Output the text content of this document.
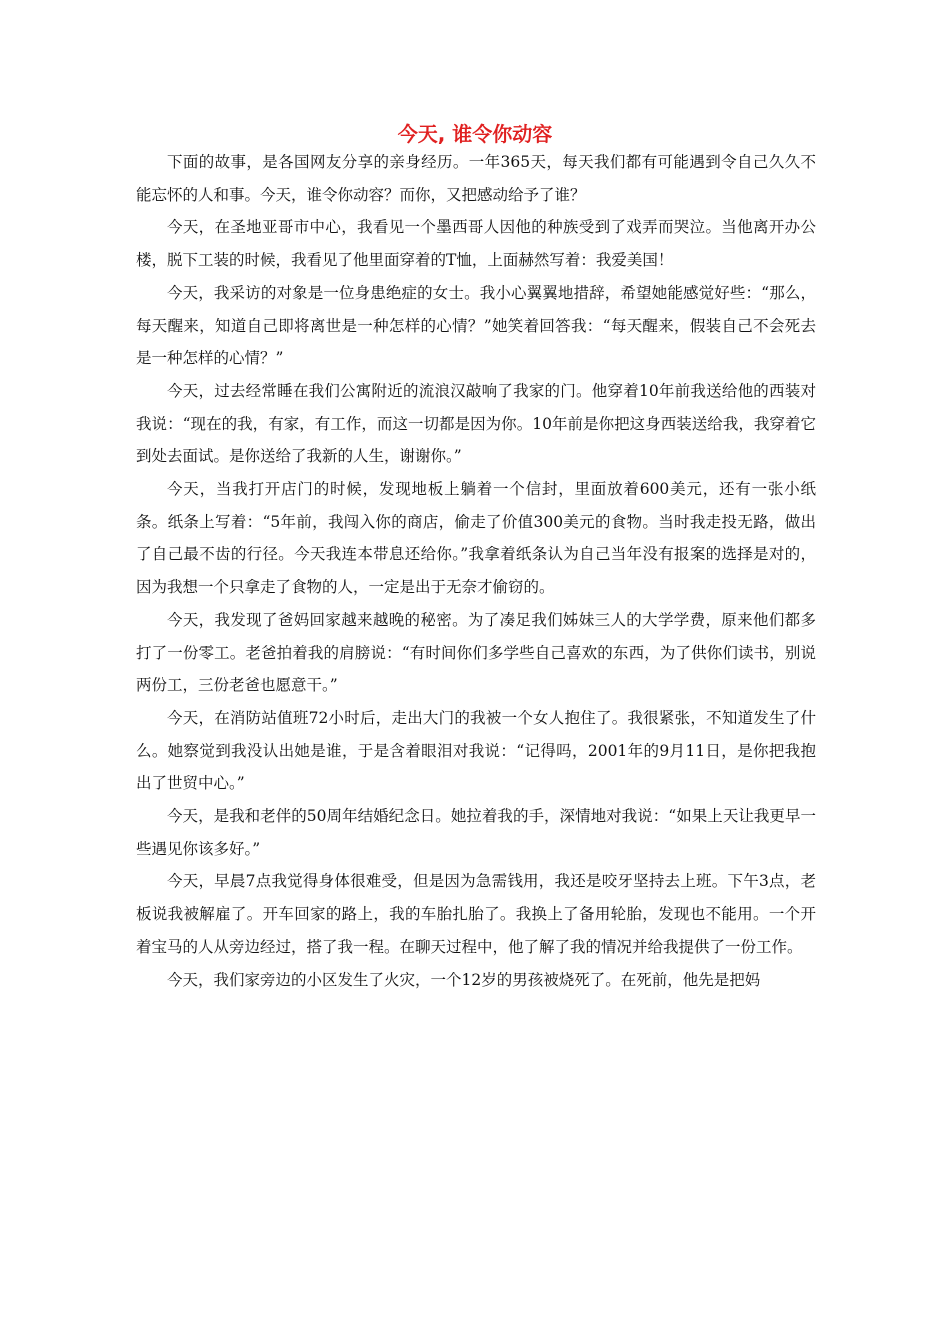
今天, 谁令你动容

下面的故事，是各国网友分享的亲身经历。一年365天，每天我们都有可能遇到令自己久久不能忘怀的人和事。今天，谁令你动容？而你，又把感动给予了谁？

今天，在圣地亚哥市中心，我看见一个墨西哥人因他的种族受到了戏弄而哭泣。当他离开办公楼，脱下工装的时候，我看见了他里面穿着的T恤，上面赫然写着：我爱美国！

今天，我采访的对象是一位身患绝症的女士。我小心翼翼地措辞，希望她能感觉好些：“那么，每天醒来，知道自己即将离世是一种怎样的心情？”她笑着回答我：“每天醒来，假装自己不会死去是一种怎样的心情？”

今天，过去经常睡在我们公寓附近的流浪汉敲响了我家的门。他穿着10年前我送给他的西装对我说：“现在的我，有家，有工作，而这一切都是因为你。10年前是你把这身西装送给我，我穿着它到处去面试。是你送给了我新的人生，谢谢你。”

今天，当我打开店门的时候，发现地板上躺着一个信封，里面放着600美元，还有一张小纸条。纸条上写着：“5年前，我闯入你的商店，偷走了价值300美元的食物。当时我走投无路，做出了自己最不齿的行径。今天我连本带息还给你。”我拿着纸条认为自己当年没有报案的选择是对的，因为我想一个只拿走了食物的人，一定是出于无奈才偷窃的。

今天，我发现了爸妈回家越来越晚的秘密。为了凑足我们姊妹三人的大学学费，原来他们都多打了一份零工。老爸拍着我的肩膀说：“有时间你们多学些自己喜欢的东西，为了供你们读书，别说两份工，三份老爸也愿意干。”

今天，在消防站值班72小时后，走出大门的我被一个女人抱住了。我很紧张，不知道发生了什么。她察觉到我没认出她是谁，于是含着眼泪对我说：“记得吗，2001年的9月11日，是你把我抱出了世贸中心。”

今天，是我和老伴的50周年结婚纪念日。她拉着我的手，深情地对我说：“如果上天让我更早一些遇见你该多好。”

今天，早晨7点我觉得身体很难受，但是因为急需钱用，我还是咬牙坚持去上班。下午3点，老板说我被解雇了。开车回家的路上，我的车胎扎胎了。我换上了备用轮胎，发现也不能用。一个开着宝马的人从旁边经过，搭了我一程。在聊天过程中，他了解了我的情况并给我提供了一份工作。

今天，我们家旁边的小区发生了火灾，一个12岁的男孩被烧死了。在死前，他先是把妈
